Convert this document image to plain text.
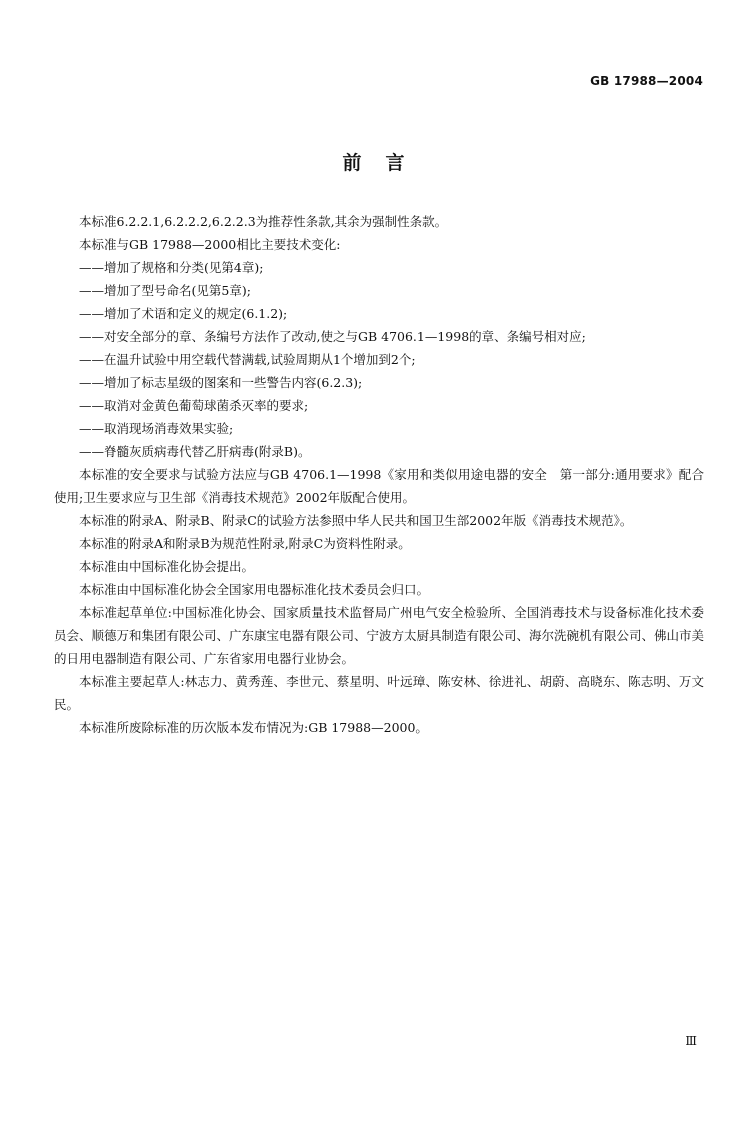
GB 17988—2004
前言

本标准6.2.2.1,6.2.2.2,6.2.2.3为推荐性条款,其余为强制性条款。

本标准与GB 17988—2000相比主要技术变化:

——增加了规格和分类(见第4章);

——增加了型号命名(见第5章);

——增加了术语和定义的规定(6.1.2);

——对安全部分的章、条编号方法作了改动,使之与GB 4706.1—1998的章、条编号相对应;

——在温升试验中用空载代替满载,试验周期从1个增加到2个;

——增加了标志星级的图案和一些警告内容(6.2.3);

——取消对金黄色葡萄球菌杀灭率的要求;

——取消现场消毒效果实验;

——脊髓灰质病毒代替乙肝病毒(附录B)。

本标准的安全要求与试验方法应与GB 4706.1—1998《家用和类似用途电器的安全　第一部分:通用要求》配合使用;卫生要求应与卫生部《消毒技术规范》2002年版配合使用。

本标准的附录A、附录B、附录C的试验方法参照中华人民共和国卫生部2002年版《消毒技术规范》。

本标准的附录A和附录B为规范性附录,附录C为资料性附录。

本标准由中国标准化协会提出。

本标准由中国标准化协会全国家用电器标准化技术委员会归口。

本标准起草单位:中国标准化协会、国家质量技术监督局广州电气安全检验所、全国消毒技术与设备标准化技术委员会、顺德万和集团有限公司、广东康宝电器有限公司、宁波方太厨具制造有限公司、海尔洗碗机有限公司、佛山市美的日用电器制造有限公司、广东省家用电器行业协会。

本标准主要起草人:林志力、黄秀莲、李世元、蔡星明、叶远璋、陈安林、徐进礼、胡蔚、高晓东、陈志明、万文民。

本标准所废除标准的历次版本发布情况为:GB 17988—2000。

Ⅲ
